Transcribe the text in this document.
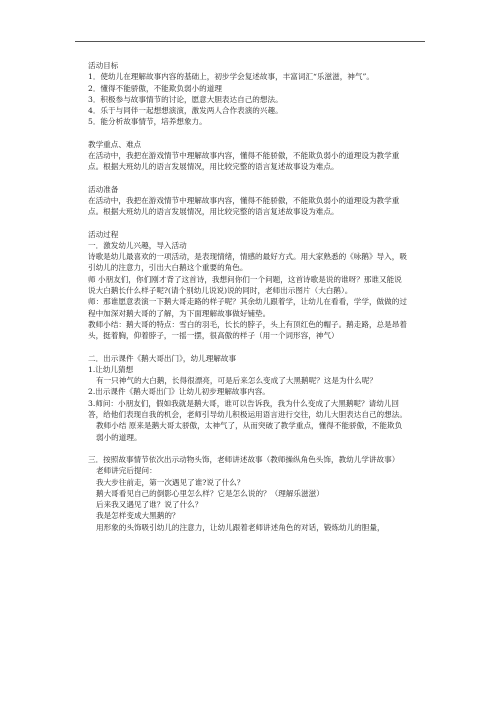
活动目标

1．使幼儿在理解故事内容的基础上，初步学会复述故事，丰富词汇“乐滋滋，神气”。

2．懂得不能骄傲，不能欺负弱小的道理

3．积极参与故事情节的讨论，愿意大胆表达自己的想法。

4．乐于与同伴一起想想演演，激发两人合作表演的兴趣。

5．能分析故事情节，培养想象力。

教学重点、难点

在活动中，我把在游戏情节中理解故事内容，懂得不能骄傲，不能欺负弱小的道理设为教学重点。根据大班幼儿的语言发展情况，用比较完整的语言复述故事设为难点。

活动准备

在活动中，我把在游戏情节中理解故事内容，懂得不能骄傲，不能欺负弱小的道理设为教学重点。根据大班幼儿的语言发展情况，用比较完整的语言复述故事设为难点。

活动过程

一．激发幼儿兴趣，导入活动

诗歌是幼儿最喜欢的一项活动，是表现情绪，情感的最好方式。用大家熟悉的《咏鹅》导入，吸引幼儿的注意力，引出大白鹅这个重要的角色。

师 小朋友们，你们刚才背了这首诗，我想问你们一个问题，这首诗歌是说的谁呀？那谁又能说说大白鹅长什么样子呢?(请个别幼儿说说)说的同时，老师出示图片（大白鹅）。

师：那谁愿意表演一下鹅大哥走路的样子呢？其余幼儿跟着学，让幼儿在看看，学学，做做的过程中加深对鹅大哥的了解，为下面理解故事做好铺垫。

教师小结：鹅大哥的特点：雪白的羽毛，长长的脖子，头上有顶红色的帽子。鹅走路，总是昂着头，挺着胸，仰着脖子，一摇一摆，很高傲的样子（用一个词形容，神气）

二．出示课件《鹅大哥出门》，幼儿理解故事

1.让幼儿猜想

有一只神气的大白鹅，长得很漂亮，可是后来怎么变成了大黑鹅呢？这是为什么呢？

2.出示课件《鹅大哥出门》让幼儿初步理解故事内容。

3.师问：小朋友们，假如我就是鹅大哥，谁可以告诉我，我为什么变成了大黑鹅呢？请幼儿回答，给他们表现自我的机会，老师引导幼儿积极运用语言进行交往，幼儿大胆表达自己的想法。

教师小结 原来是鹅大哥太骄傲，太神气了，从而突破了教学重点，懂得不能骄傲，不能欺负弱小的道理。

三．按照故事情节依次出示动物头饰，老师讲述故事（教师操纵角色头饰，教幼儿学讲故事）

老师讲完后提问：

我大步往前走，第一次遇见了谁?说了什么？

鹅大哥看见自己的倒影心里怎么样？它是怎么说的？（理解乐滋滋）

后来我又遇见了谁？说了什么？

我是怎样变成大黑鹅的？

用形象的头饰吸引幼儿的注意力，让幼儿跟着老师讲述角色的对话，锻炼幼儿的胆量，
